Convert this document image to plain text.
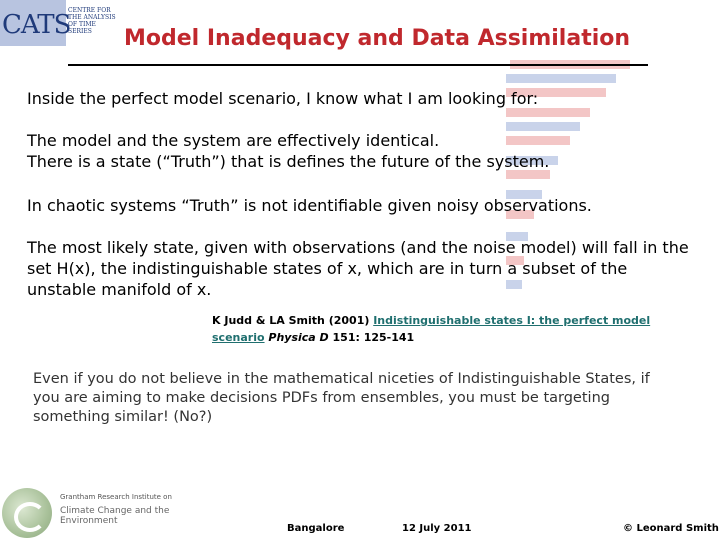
CATS
CENTRE FOR THE ANALYSIS OF TIME SERIES	Model Inadequacy and Data Assimilation
Inside the perfect model scenario, I know what I am looking for:
The model and the system are effectively identical.
There is a state (“Truth”) that is defines the future of the system.
In chaotic systems “Truth” is not identifiable given noisy observations.
The most likely state, given with observations (and the noise model) will fall in the set H(x), the indistinguishable states of x, which are in turn a subset of the unstable manifold of x.
K Judd & LA Smith (2001) Indistinguishable states I: the perfect model scenario Physica D 151: 125-141
Even if you do not believe in the mathematical niceties of Indistinguishable States, if you are aiming to make decisions PDFs from ensembles, you must be targeting something similar! (No?)
Grantham Research Institute on
Climate Change and the Environment
Bangalore	12 July 2011	© Leonard Smith
